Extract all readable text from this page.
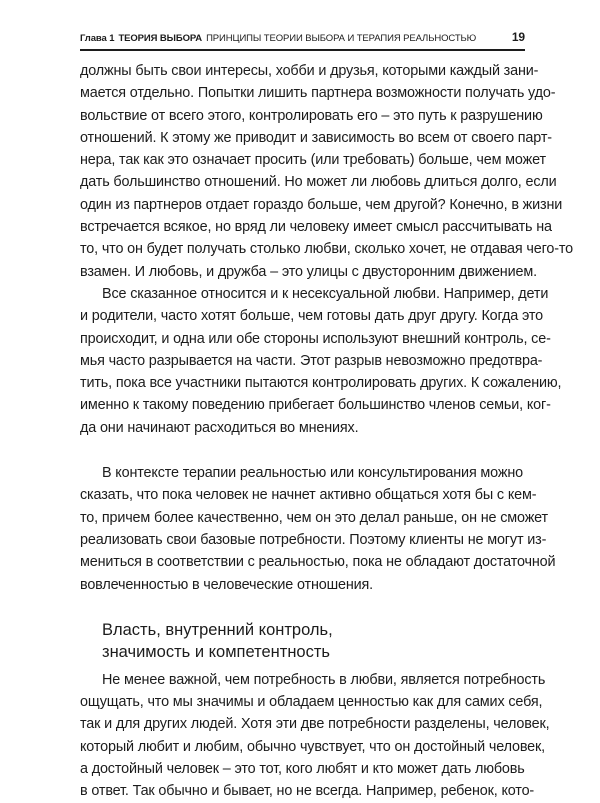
Глава 1 ТЕОРИЯ ВЫБОРА ПРИНЦИПЫ ТЕОРИИ ВЫБОРА И ТЕРАПИЯ РЕАЛЬНОСТЬЮ	19
должны быть свои интересы, хобби и друзья, которыми каждый зани-
мается отдельно. Попытки лишить партнера возможности получать удо-
вольствие от всего этого, контролировать его – это путь к разрушению
отношений. К этому же приводит и зависимость во всем от своего парт-
нера, так как это означает просить (или требовать) больше, чем может
дать большинство отношений. Но может ли любовь длиться долго, если
один из партнеров отдает гораздо больше, чем другой? Конечно, в жизни
встречается всякое, но вряд ли человеку имеет смысл рассчитывать на
то, что он будет получать столько любви, сколько хочет, не отдавая чего-то
взамен. И любовь, и дружба – это улицы с двусторонним движением.
Все сказанное относится и к несексуальной любви. Например, дети
и родители, часто хотят больше, чем готовы дать друг другу. Когда это
происходит, и одна или обе стороны используют внешний контроль, се-
мья часто разрывается на части. Этот разрыв невозможно предотвра-
тить, пока все участники пытаются контролировать других. К сожалению,
именно к такому поведению прибегает большинство членов семьи, ког-
да они начинают расходиться во мнениях.
В контексте терапии реальностью или консультирования можно
сказать, что пока человек не начнет активно общаться хотя бы с кем-
то, причем более качественно, чем он это делал раньше, он не сможет
реализовать свои базовые потребности. Поэтому клиенты не могут из-
мениться в соответствии с реальностью, пока не обладают достаточной
вовлеченностью в человеческие отношения.
Власть, внутренний контроль,
значимость и компетентность
Не менее важной, чем потребность в любви, является потребность
ощущать, что мы значимы и обладаем ценностью как для самих себя,
так и для других людей. Хотя эти две потребности разделены, человек,
который любит и любим, обычно чувствует, что он достойный человек,
а достойный человек – это тот, кого любят и кто может дать любовь
в ответ. Так обычно и бывает, но не всегда. Например, ребенок, кото-
